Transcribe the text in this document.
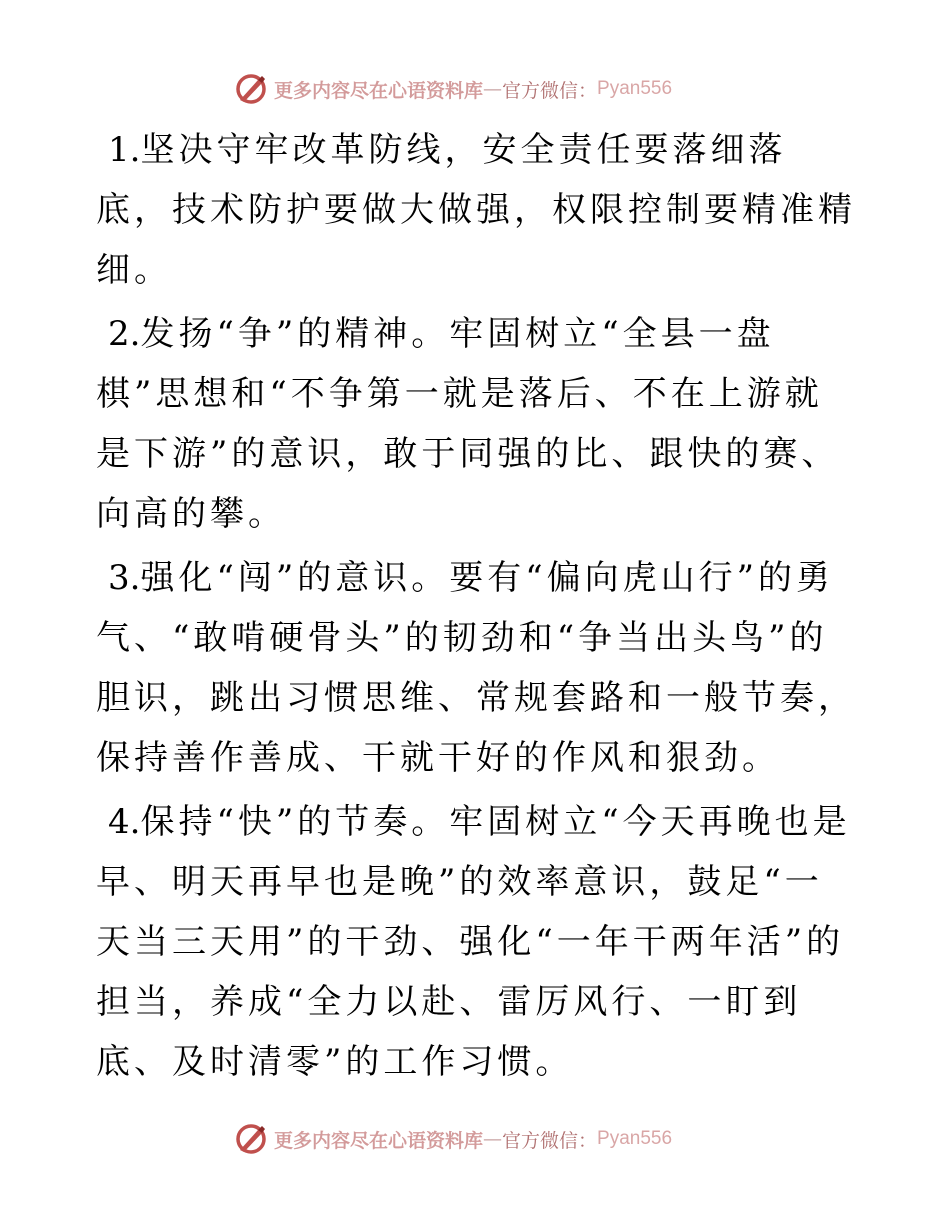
更多内容尽在心语资料库 — 官方微信： Pyan556

1.坚决守牢改革防线，安全责任要落细落底，技术防护要做大做强，权限控制要精准精细。

2.发扬“争”的精神。牢固树立“全县一盘棋”思想和“不争第一就是落后、不在上游就是下游”的意识，敢于同强的比、跟快的赛、向高的攀。

3.强化“闯”的意识。要有“偏向虎山行”的勇气、“敢啃硬骨头”的韧劲和“争当出头鸟”的胆识，跳出习惯思维、常规套路和一般节奏，保持善作善成、干就干好的作风和狠劲。

4.保持“快”的节奏。牢固树立“今天再晚也是早、明天再早也是晚”的效率意识，鼓足“一天当三天用”的干劲、强化“一年干两年活”的担当，养成“全力以赴、雷厉风行、一盯到底、及时清零”的工作习惯。

更多内容尽在心语资料库 — 官方微信： Pyan556
